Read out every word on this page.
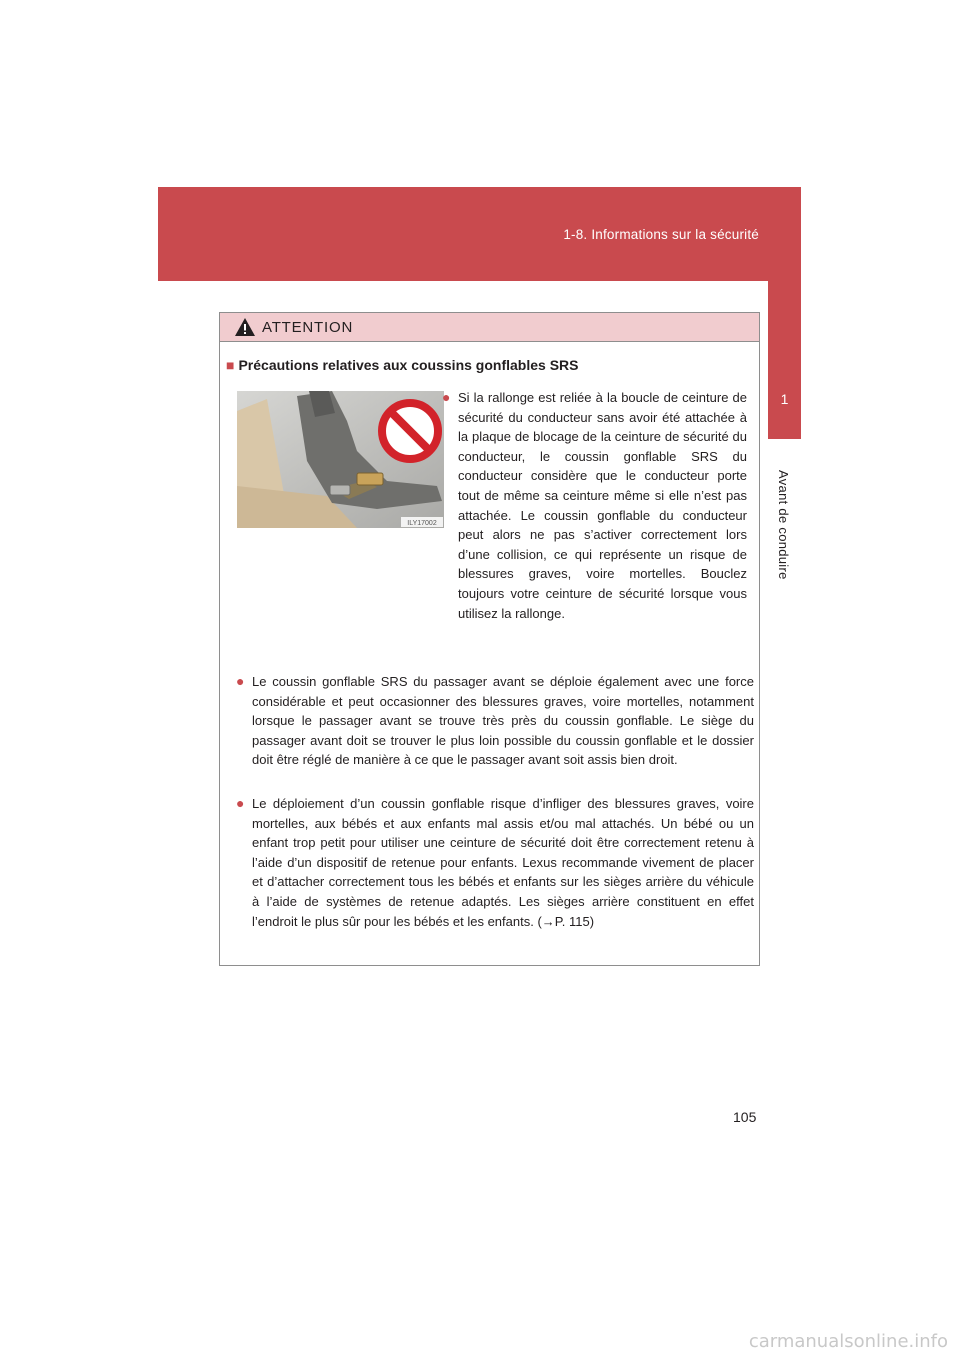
1-8. Informations sur la sécurité
1
Avant de conduire
ATTENTION
■ Précautions relatives aux coussins gonflables SRS
ILY17002
● Si la rallonge est reliée à la boucle de ceinture de sécurité du conducteur sans avoir été attachée à la plaque de blocage de la ceinture de sécurité du conducteur, le coussin gonflable SRS du conducteur considère que le conducteur porte tout de même sa ceinture même si elle n’est pas attachée. Le coussin gonflable du conducteur peut alors ne pas s’activer correctement lors d’une collision, ce qui représente un risque de blessures graves, voire mortelles. Bouclez toujours votre ceinture de sécurité lorsque vous utilisez la rallonge.
● Le coussin gonflable SRS du passager avant se déploie également avec une force considérable et peut occasionner des blessures graves, voire mortelles, notamment lorsque le passager avant se trouve très près du coussin gonflable. Le siège du passager avant doit se trouver le plus loin possible du coussin gonflable et le dossier doit être réglé de manière à ce que le passager avant soit assis bien droit.
● Le déploiement d’un coussin gonflable risque d’infliger des blessures graves, voire mortelles, aux bébés et aux enfants mal assis et/ou mal attachés. Un bébé ou un enfant trop petit pour utiliser une ceinture de sécurité doit être correctement retenu à l’aide d’un dispositif de retenue pour enfants. Lexus recommande vivement de placer et d’attacher correctement tous les bébés et enfants sur les sièges arrière du véhicule à l’aide de systèmes de retenue adaptés. Les sièges arrière constituent en effet l’endroit le plus sûr pour les bébés et les enfants. (→P. 115)
105
carmanualsonline.info
